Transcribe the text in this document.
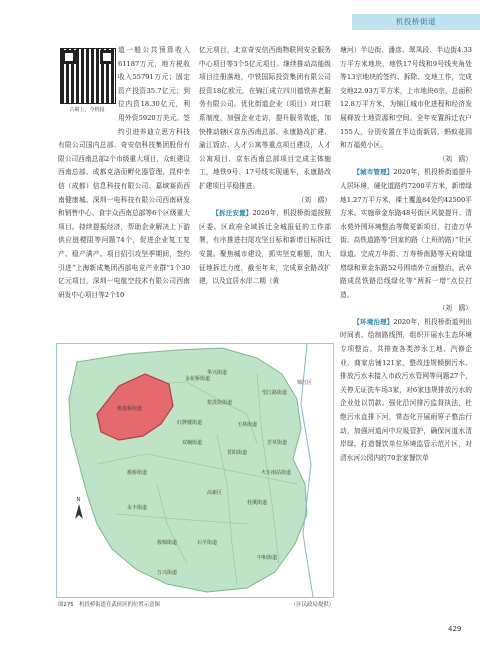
机投桥街道

道一般公共预算收入61187万元，地方税收收入55791万元；固定资产投资35.7亿元；到位内资18.30亿元，利用外资5920万美元。签约引进养迪立思方科技有限公司国内总部、奇安信科技集团股份有限公司西南总部2个市级重大项目，众虹建设西南总部、成都克洛而孵化器管理、昆仲幸信（成都）信息科技有限公司、嘉域赛尚西南健康城、深圳一电科技有限公司西南研发和销售中心、食宇众西南总部等6个区级重大项目。持续提振经济，帮助企业解决上下游供应链梗阻等问题74个，促进企业复工复产、稳产满产。项目招引攻坚季期间，签约引进“上海新成集团西部电竞产业群”1个30亿元项目，深圳一电航空技术有限公司西南研发中心项目等2个10

古蜀上，今机投

亿元项目，北京奇安信西南物联网安全服务中心项目等3个5亿元项目。继续推动高能级项目注册落地，中铁国际投资集团有限公司投资18亿欧元，在锦江成立四川德铁养老服务有限公司。优化街道企业（项目）对口联系制度，加强企业走访，提升服务效能，加快推动辖区京东西南总部、永康路改扩建、渝江饭店、人才公寓等重点项目建设，人才公寓项目、京东西南总部项目完成主体施工，地铁9号、17号线实现通车，永康路改扩建项目平稳推进。

（刘　鸥）

【拆迁安置】2020年，机投桥街道按照区委、区政府全域拆迁全城报征的工作部署，有序推进扫尾攻坚目标和新增目标拆迁安置。聚焦城市建设，抓实坚克难题，加大征地拆迁力度，截至年末，完成章全路改扩建，以及宜居水岸二期（黄

塘河）半边街、潘彦、翠凤段、半边街4.33万平方米地块，地铁17号线和9号线夹角处等13宗地块的签约、拆除、交地工作，完成交地22.93万平方米，上市地块6宗，总面积12.8万平方米，为锦江城市化进程和经济发展释放土地资源和空间。全年安置拆迁农户155人，分别安置在半边街新居、蚂蚁花园和万福苑小区。

（刘　鸥）

【城市管理】2020年，机投桥街道提升人居环境，硬化道路约7200平方米，新增绿地1.27万平方米，裸土覆盖84处约42500平方米。实施章金东路48号街区风貌提升、清水苑外围环境整治等微更新项目，打造万华街、高铁道路等“回家的路（上班的路）”社区绿道。完成万华街、万寿桥南路等天府绿道增绿和章金东路52号围墙外立面整治。武卒路成昆铁路沿线绿化等“两拆一增”点位打造。

（刘　鸥）

【环境治理】2020年，机投桥街道列出时间表、绘制路线图，组织开展水生态环境专项整治。共排查各类涉水工地、汽修企业、商家店铺121家，整改违规倾倒污水、排放污水未接入市政污水管网等问题27个，关停无证洗车场3家，对6家违规排放污水的企业处以罚款。强化沿河排污监督执法，杜绝污水直排下河，常态化开展雨箅子整治行动，加强河道河中垃圾管护，确保河道水清岸绿。打造餐饮单位环境监管示范片区，对清水河公园内的70余家餐饮单

机投桥街道
金花桥街道
簇桥街道
红牌楼街道
晋阳街道
望江路街道
玉林街道
桂溪街道
华兴街道
石羊街道
芳草街道
火车南站街道
浆洗街街道
永丰街道
双楠街道
中和街道
高新区
锦江区
簇锦街道
万兴街道
N
图275　机投桥街道在武侯区的位置示意图	（区民政局提供）
429
